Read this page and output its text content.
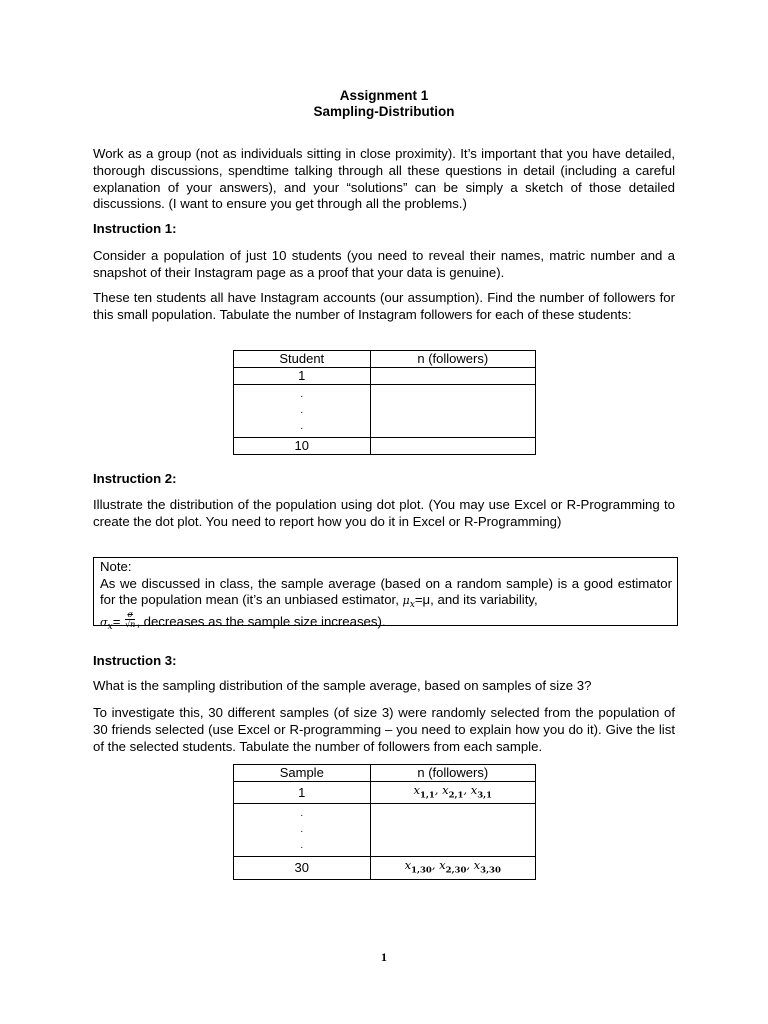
Assignment 1
Sampling-Distribution

Work as a group (not as individuals sitting in close proximity). It’s important that you have detailed, thorough discussions, spendtime talking through all these questions in detail (including a careful explanation of your answers), and your “solutions” can be simply a sketch of those detailed discussions. (I want to ensure you get through all the problems.)

Instruction 1:

Consider a population of just 10 students (you need to reveal their names, matric number and a snapshot of their Instagram page as a proof that your data is genuine).

These ten students all have Instagram accounts (our assumption). Find the number of followers for this small population. Tabulate the number of Instagram followers for each of these students:

Student	n (followers)
1	

.
.
.	

10	

Instruction 2:

Illustrate the distribution of the population using dot plot. (You may use Excel or R-Programming to create the dot plot. You need to report how you do it in Excel or R-Programming)

Note:
As we discussed in class, the sample average (based on a random sample) is a good estimator for the population mean (it’s an unbiased estimator, $\mu_x=\mu$, and its variability,
$\sigma_x= \frac{\sigma}{√n}$ , decreases as the sample size increases).

Instruction 3:

What is the sampling distribution of the sample average, based on samples of size 3?

To investigate this, 30 different samples (of size 3) were randomly selected from the population of 30 friends selected (use Excel or R-programming – you need to explain how you do it). Give the list of the selected students. Tabulate the number of followers from each sample.

Sample	n (followers)
1	$x_{1,1}$, $x_{2,1}$, $x_{3,1}$

.
.
.	

30	$x_{1,30}$, $x_{2,30}$, $x_{3,30}$
1
